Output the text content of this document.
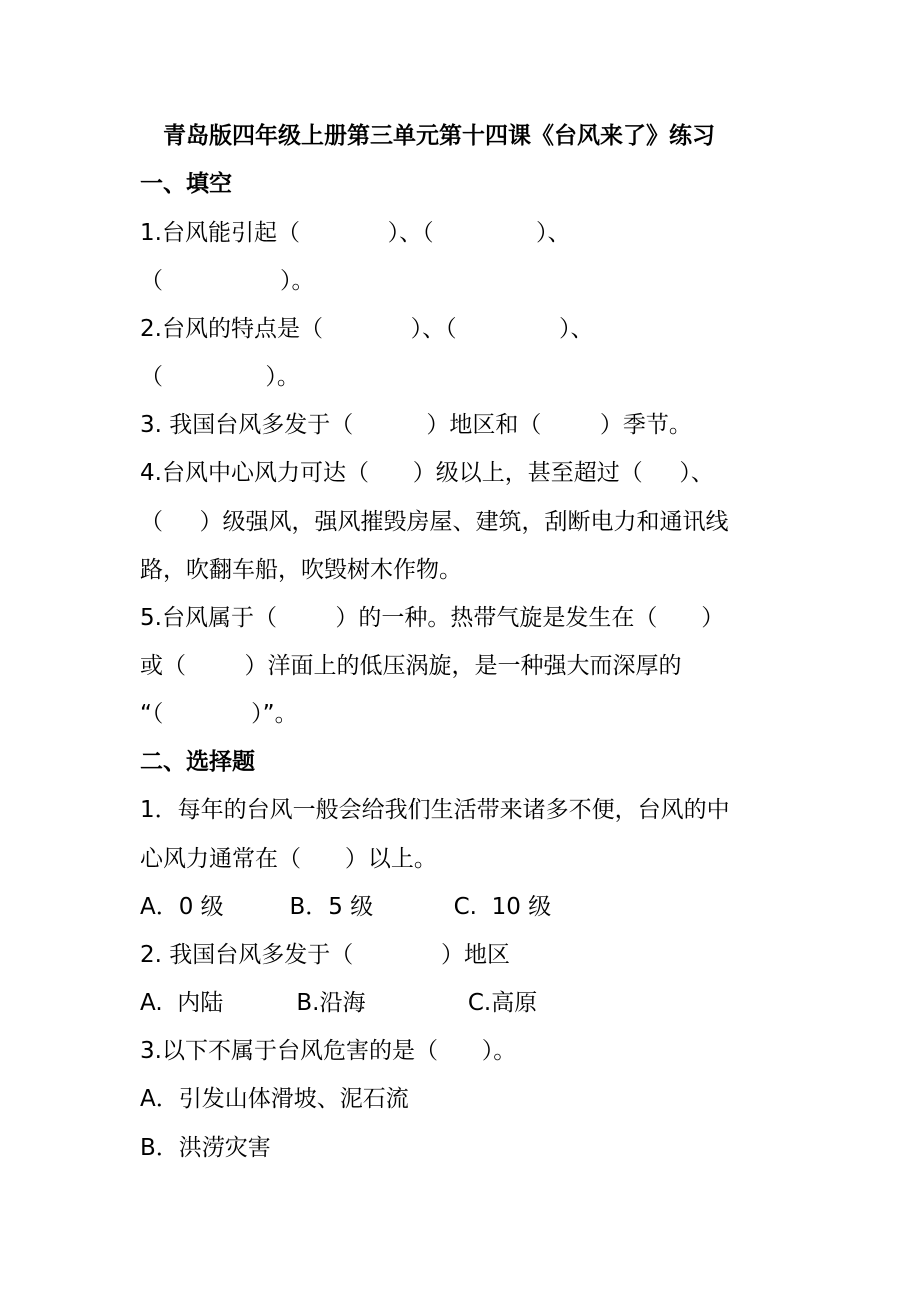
青岛版四年级上册第三单元第十四课《台风来了》练习
一、填空
1.台风能引起（            ）、（              ）、
（                ）。
2.台风的特点是（            ）、（              ）、
（              ）。
3. 我国台风多发于（          ）地区和（        ）季节。
4.台风中心风力可达（      ）级以上，甚至超过（     ）、
（     ）级强风，强风摧毁房屋、建筑，刮断电力和通讯线
路，吹翻车船，吹毁树木作物。
5.台风属于（        ）的一种。热带气旋是发生在（      ）
或（        ）洋面上的低压涡旋，是一种强大而深厚的
“（            ）”。
二、选择题
1．每年的台风一般会给我们生活带来诸多不便，台风的中
心风力通常在（      ）以上。
A．0 级         B．5 级           C.  10 级
2. 我国台风多发于（            ）地区
A.  内陆          B.沿海              C.高原
3.以下不属于台风危害的是（      ）。
A．引发山体滑坡、泥石流
B．洪涝灾害
